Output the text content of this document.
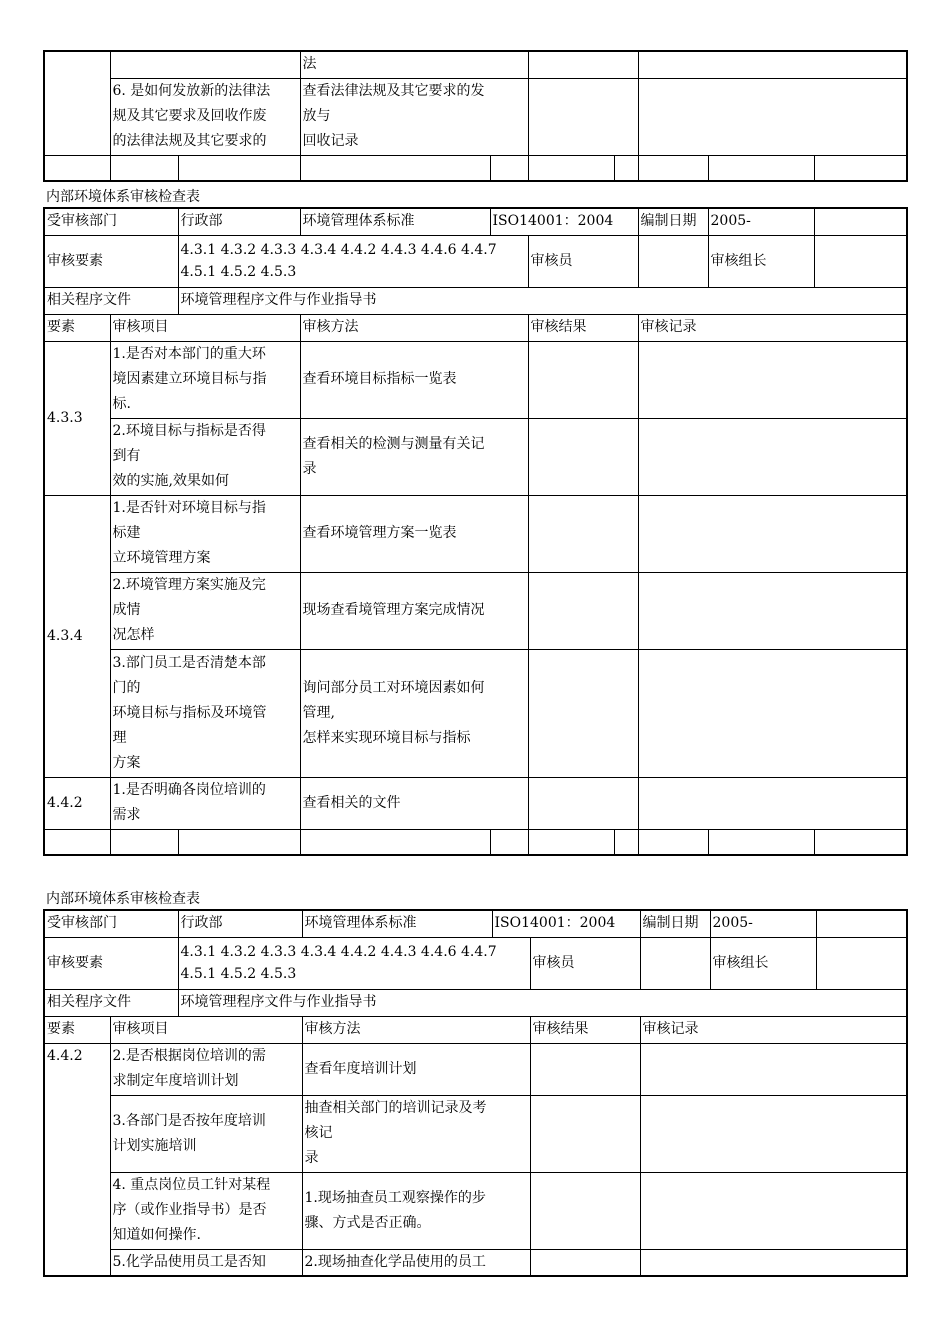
			法						

	6. 是如何发放新的法律法
规及其它要求及回收作废
的法律法规及其它要求的		查看法律法规及其它要求的发
放与
回收记录						

内部环境体系审核检查表
受审核部门		行政部	环境管理体系标准	ISO14001：2004			编制日期	2005-	
审核要素		4.3.1 4.3.2 4.3.3 4.3.4 4.4.2 4.4.3 4.4.6 4.4.7
4.5.1 4.5.2 4.5.3			审核员			审核组长	
相关程序文件		环境管理程序文件与作业指导书							
要素	审核项目		审核方法		审核结果		审核记录		
4.3.3	1.是否对本部门的重大环
境因素建立环境目标与指
标.		查看环境目标指标一览表						

	2.环境目标与指标是否得
到有
效的实施,效果如何		查看相关的检测与测量有关记
录						

4.3.4	1.是否针对环境目标与指
标建
立环境管理方案		查看环境管理方案一览表						

	2.环境管理方案实施及完
成情
况怎样		现场查看境管理方案完成情况						

	3.部门员工是否清楚本部
门的
环境目标与指标及环境管
理
方案		询问部分员工对环境因素如何
管理,
怎样来实现环境目标与指标						

4.4.2	1.是否明确各岗位培训的
需求		查看相关的文件						

内部环境体系审核检查表
受审核部门		行政部	环境管理体系标准	ISO14001：2004		编制日期	2005-	
审核要素		4.3.1 4.3.2 4.3.3 4.3.4 4.4.2 4.4.3 4.4.6 4.4.7
4.5.1 4.5.2 4.5.3			审核员		审核组长	
相关程序文件		环境管理程序文件与作业指导书						
要素	审核项目		审核方法		审核结果	审核记录		
4.4.2	2.是否根据岗位培训的需
求制定年度培训计划		查看年度培训计划					

	3.各部门是否按年度培训
计划实施培训		抽查相关部门的培训记录及考
核记
录					

	4. 重点岗位员工针对某程
序（或作业指导书）是否
知道如何操作.		1.现场抽查员工观察操作的步
骤、方式是否正确。					

	5.化学品使用员工是否知		2.现场抽查化学品使用的员工					
